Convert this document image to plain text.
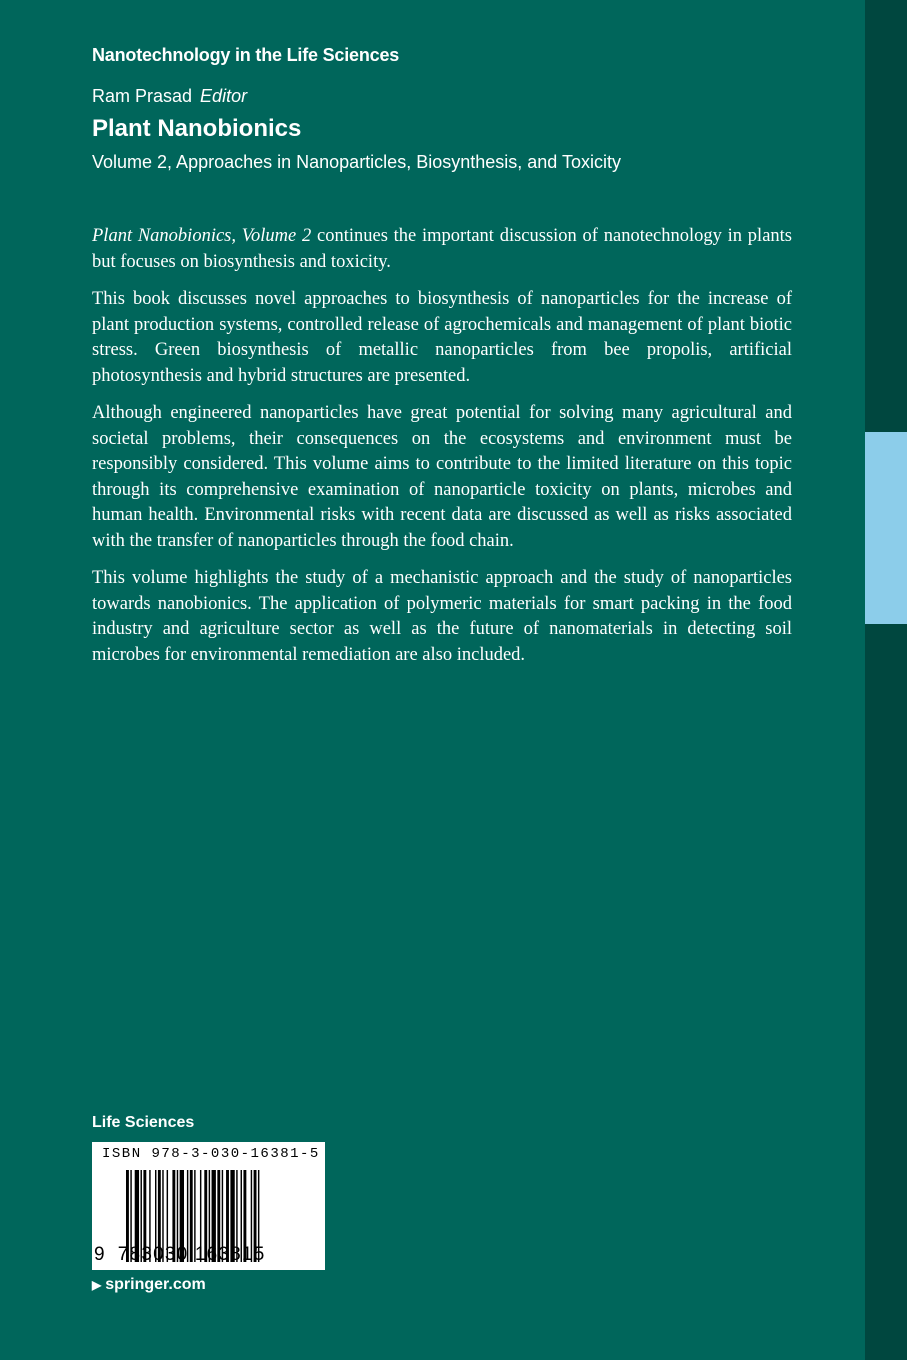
Nanotechnology in the Life Sciences
Ram Prasad Editor
Plant Nanobionics
Volume 2, Approaches in Nanoparticles, Biosynthesis, and Toxicity

Plant Nanobionics, Volume 2 continues the important discussion of nanotechnology in plants but focuses on biosynthesis and toxicity.

This book discusses novel approaches to biosynthesis of nanoparticles for the increase of plant production systems, controlled release of agrochemicals and management of plant biotic stress. Green biosynthesis of metallic nanoparticles from bee propolis, artificial photosynthesis and hybrid structures are presented.

Although engineered nanoparticles have great potential for solving many agricultural and societal problems, their consequences on the ecosystems and environment must be responsibly considered. This volume aims to contribute to the limited literature on this topic through its comprehensive examination of nanoparticle toxicity on plants, microbes and human health. Environmental risks with recent data are discussed as well as risks associated with the transfer of nanoparticles through the food chain.

This volume highlights the study of a mechanistic approach and the study of nanoparticles towards nanobionics. The application of polymeric materials for smart packing in the food industry and agriculture sector as well as the future of nanomaterials in detecting soil microbes for environmental remediation are also included.

Life Sciences
ISBN 978-3-030-16381-5
9 783030 163815
▶ springer.com
